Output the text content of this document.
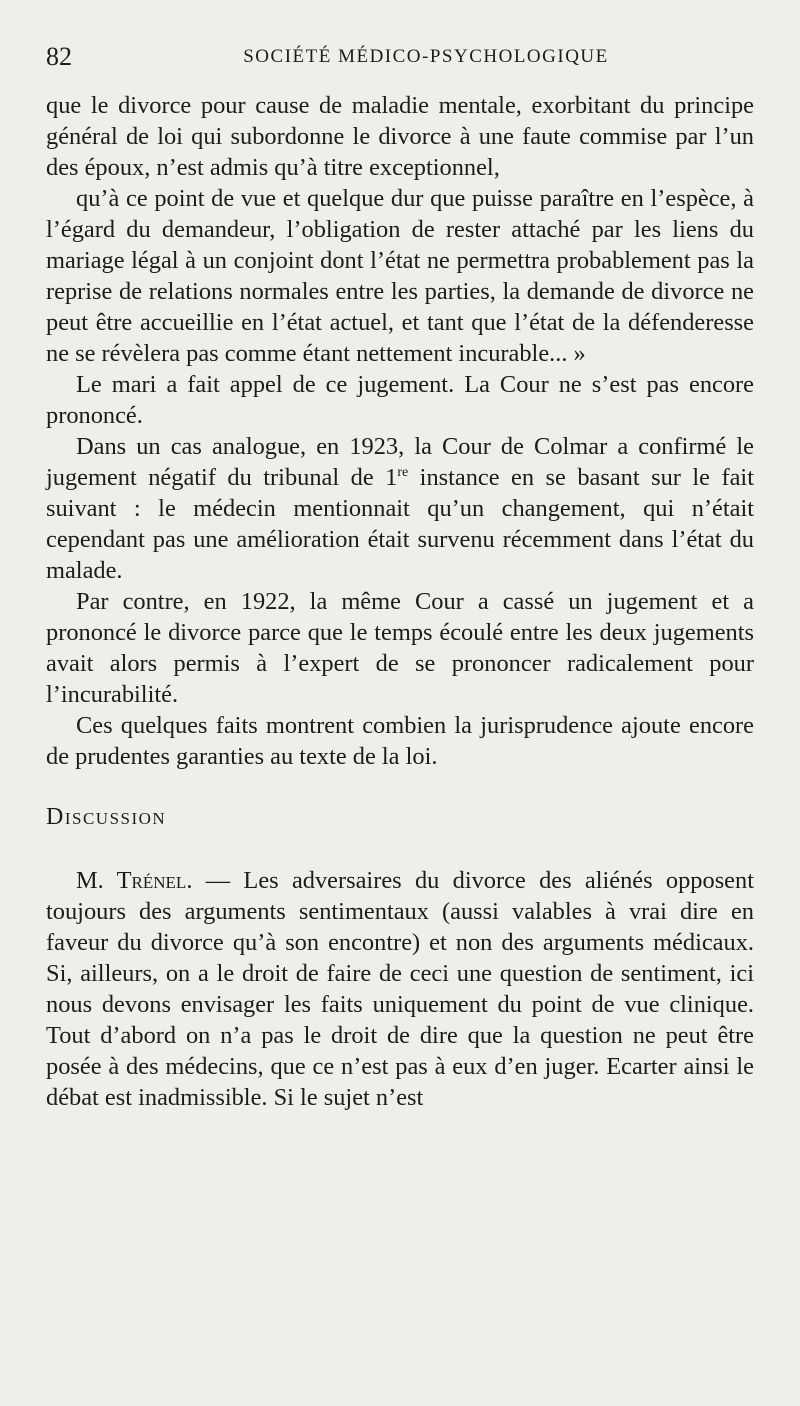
82	SOCIÉTÉ MÉDICO-PSYCHOLOGIQUE

que le divorce pour cause de maladie mentale, exorbitant du principe général de loi qui subordonne le divorce à une faute commise par l’un des époux, n’est admis qu’à titre exceptionnel,

qu’à ce point de vue et quelque dur que puisse paraître en l’espèce, à l’égard du demandeur, l’obligation de rester attaché par les liens du mariage légal à un conjoint dont l’état ne permettra probablement pas la reprise de relations normales entre les parties, la demande de divorce ne peut être accueillie en l’état actuel, et tant que l’état de la défenderesse ne se révèlera pas comme étant nettement incurable... »

Le mari a fait appel de ce jugement. La Cour ne s’est pas encore prononcé.

Dans un cas analogue, en 1923, la Cour de Colmar a confirmé le jugement négatif du tribunal de 1re instance en se basant sur le fait suivant : le médecin mentionnait qu’un changement, qui n’était cependant pas une amélioration était survenu récemment dans l’état du malade.

Par contre, en 1922, la même Cour a cassé un jugement et a prononcé le divorce parce que le temps écoulé entre les deux jugements avait alors permis à l’expert de se prononcer radicalement pour l’incurabilité.

Ces quelques faits montrent combien la jurisprudence ajoute encore de prudentes garanties au texte de la loi.

Discussion

M. Trénel. — Les adversaires du divorce des aliénés opposent toujours des arguments sentimentaux (aussi valables à vrai dire en faveur du divorce qu’à son encontre) et non des arguments médicaux. Si, ailleurs, on a le droit de faire de ceci une question de sentiment, ici nous devons envisager les faits uniquement du point de vue clinique. Tout d’abord on n’a pas le droit de dire que la question ne peut être posée à des médecins, que ce n’est pas à eux d’en juger. Ecarter ainsi le débat est inadmissible. Si le sujet n’est
